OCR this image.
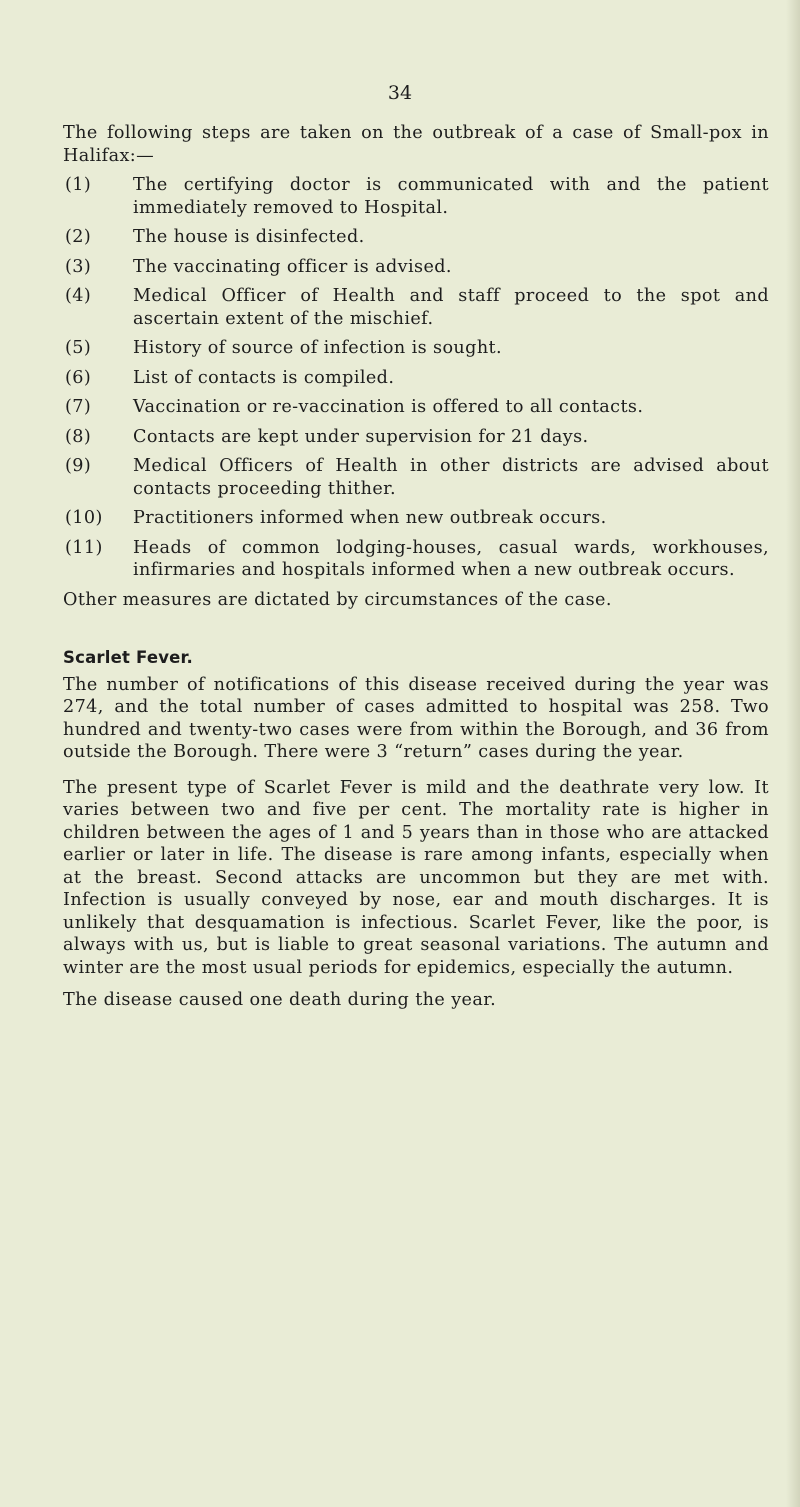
34

The following steps are taken on the outbreak of a case of Small-pox in Halifax:—

(1)	The certifying doctor is communicated with and the patient immediately removed to Hospital.
(2)	The house is disinfected.
(3)	The vaccinating officer is advised.
(4)	Medical Officer of Health and staff proceed to the spot and ascertain extent of the mischief.
(5)	History of source of infection is sought.
(6)	List of contacts is compiled.
(7)	Vaccination or re-vaccination is offered to all contacts.
(8)	Contacts are kept under supervision for 21 days.
(9)	Medical Officers of Health in other districts are advised about contacts proceeding thither.
(10)	Practitioners informed when new outbreak occurs.
(11)	Heads of common lodging-houses, casual wards, workhouses, infirmaries and hospitals informed when a new outbreak occurs.

Other measures are dictated by circumstances of the case.

Scarlet Fever.

The number of notifications of this disease received during the year was 274, and the total number of cases admitted to hospital was 258. Two hundred and twenty-two cases were from within the Borough, and 36 from outside the Borough. There were 3 “return” cases during the year.

The present type of Scarlet Fever is mild and the deathrate very low. It varies between two and five per cent. The mortality rate is higher in children between the ages of 1 and 5 years than in those who are attacked earlier or later in life. The disease is rare among infants, especially when at the breast. Second attacks are uncommon but they are met with. Infection is usually conveyed by nose, ear and mouth discharges. It is unlikely that desquamation is infectious. Scarlet Fever, like the poor, is always with us, but is liable to great seasonal variations. The autumn and winter are the most usual periods for epidemics, especially the autumn.

The disease caused one death during the year.
